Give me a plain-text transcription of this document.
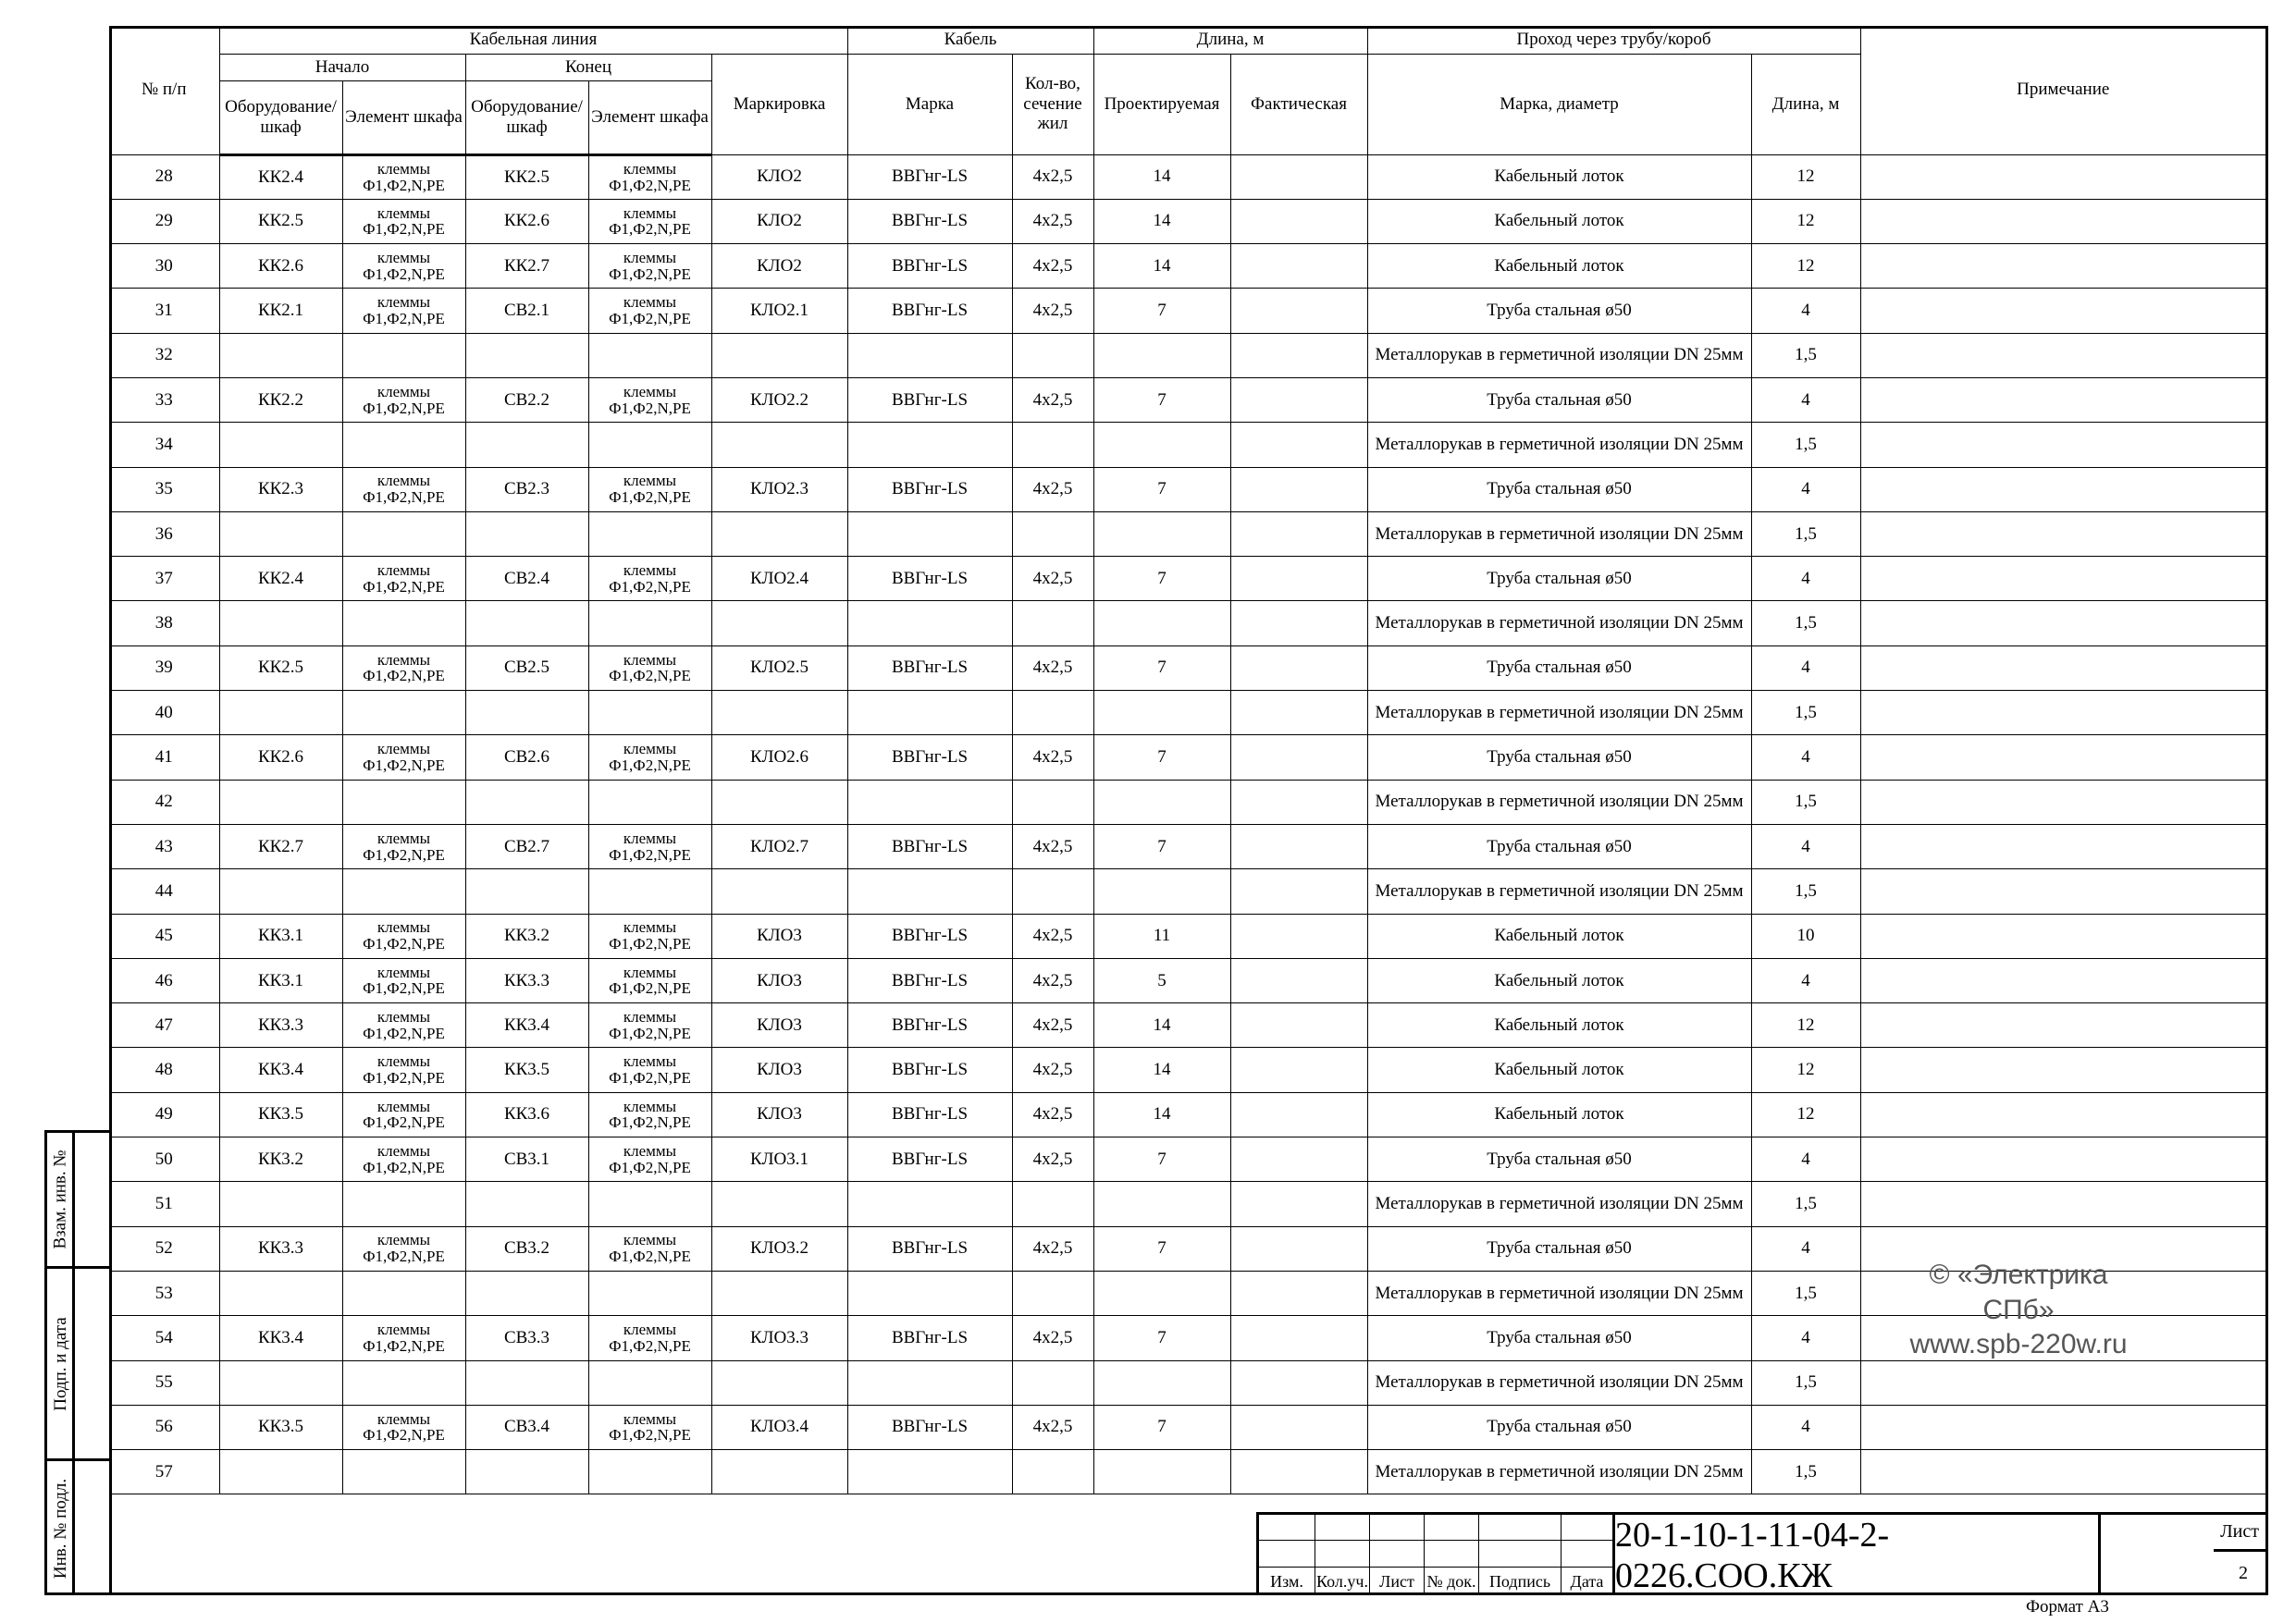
№ п/п	Кабельная линия					Кабель		Длина, м		Проход через трубу/короб		Примечание
	Начало		Конец		Маркировка	Марка	Кол-во, сечение жил	Проектируемая	Фактическая	Марка, диаметр	Длина, м	
	Оборудование/шкаф	Элемент шкафа	Оборудование/шкаф	Элемент шкафа								
28	КК2.4	клеммы Ф1,Ф2,N,PE	КК2.5	клеммы Ф1,Ф2,N,PE	КЛО2	ВВГнг-LS	4х2,5	14		Кабельный лоток	12	
29	КК2.5	клеммы Ф1,Ф2,N,PE	КК2.6	клеммы Ф1,Ф2,N,PE	КЛО2	ВВГнг-LS	4х2,5	14		Кабельный лоток	12	
30	КК2.6	клеммы Ф1,Ф2,N,PE	КК2.7	клеммы Ф1,Ф2,N,PE	КЛО2	ВВГнг-LS	4х2,5	14		Кабельный лоток	12	
31	КК2.1	клеммы Ф1,Ф2,N,PE	СВ2.1	клеммы Ф1,Ф2,N,PE	КЛО2.1	ВВГнг-LS	4х2,5	7		Труба стальная ø50	4	
32										Металлорукав в герметичной изоляции DN 25мм	1,5	
33	КК2.2	клеммы Ф1,Ф2,N,PE	СВ2.2	клеммы Ф1,Ф2,N,PE	КЛО2.2	ВВГнг-LS	4х2,5	7		Труба стальная ø50	4	
34										Металлорукав в герметичной изоляции DN 25мм	1,5	
35	КК2.3	клеммы Ф1,Ф2,N,PE	СВ2.3	клеммы Ф1,Ф2,N,PE	КЛО2.3	ВВГнг-LS	4х2,5	7		Труба стальная ø50	4	
36										Металлорукав в герметичной изоляции DN 25мм	1,5	
37	КК2.4	клеммы Ф1,Ф2,N,PE	СВ2.4	клеммы Ф1,Ф2,N,PE	КЛО2.4	ВВГнг-LS	4х2,5	7		Труба стальная ø50	4	
38										Металлорукав в герметичной изоляции DN 25мм	1,5	
39	КК2.5	клеммы Ф1,Ф2,N,PE	СВ2.5	клеммы Ф1,Ф2,N,PE	КЛО2.5	ВВГнг-LS	4х2,5	7		Труба стальная ø50	4	
40										Металлорукав в герметичной изоляции DN 25мм	1,5	
41	КК2.6	клеммы Ф1,Ф2,N,PE	СВ2.6	клеммы Ф1,Ф2,N,PE	КЛО2.6	ВВГнг-LS	4х2,5	7		Труба стальная ø50	4	
42										Металлорукав в герметичной изоляции DN 25мм	1,5	
43	КК2.7	клеммы Ф1,Ф2,N,PE	СВ2.7	клеммы Ф1,Ф2,N,PE	КЛО2.7	ВВГнг-LS	4х2,5	7		Труба стальная ø50	4	
44										Металлорукав в герметичной изоляции DN 25мм	1,5	
45	КК3.1	клеммы Ф1,Ф2,N,PE	КК3.2	клеммы Ф1,Ф2,N,PE	КЛО3	ВВГнг-LS	4х2,5	11		Кабельный лоток	10	
46	КК3.1	клеммы Ф1,Ф2,N,PE	КК3.3	клеммы Ф1,Ф2,N,PE	КЛО3	ВВГнг-LS	4х2,5	5		Кабельный лоток	4	
47	КК3.3	клеммы Ф1,Ф2,N,PE	КК3.4	клеммы Ф1,Ф2,N,PE	КЛО3	ВВГнг-LS	4х2,5	14		Кабельный лоток	12	
48	КК3.4	клеммы Ф1,Ф2,N,PE	КК3.5	клеммы Ф1,Ф2,N,PE	КЛО3	ВВГнг-LS	4х2,5	14		Кабельный лоток	12	
49	КК3.5	клеммы Ф1,Ф2,N,PE	КК3.6	клеммы Ф1,Ф2,N,PE	КЛО3	ВВГнг-LS	4х2,5	14		Кабельный лоток	12	
50	КК3.2	клеммы Ф1,Ф2,N,PE	СВ3.1	клеммы Ф1,Ф2,N,PE	КЛО3.1	ВВГнг-LS	4х2,5	7		Труба стальная ø50	4	
51										Металлорукав в герметичной изоляции DN 25мм	1,5	
52	КК3.3	клеммы Ф1,Ф2,N,PE	СВ3.2	клеммы Ф1,Ф2,N,PE	КЛО3.2	ВВГнг-LS	4х2,5	7		Труба стальная ø50	4	
53										Металлорукав в герметичной изоляции DN 25мм	1,5	
54	КК3.4	клеммы Ф1,Ф2,N,PE	СВ3.3	клеммы Ф1,Ф2,N,PE	КЛО3.3	ВВГнг-LS	4х2,5	7		Труба стальная ø50	4	
55										Металлорукав в герметичной изоляции DN 25мм	1,5	
56	КК3.5	клеммы Ф1,Ф2,N,PE	СВ3.4	клеммы Ф1,Ф2,N,PE	КЛО3.4	ВВГнг-LS	4х2,5	7		Труба стальная ø50	4	
57										Металлорукав в герметичной изоляции DN 25мм	1,5	
Взам. инв. №
Подп. и дата
Инв. № подл.
Изм. Кол.уч. Лист № док. Подпись	Дата
20-1-10-1-11-04-2-0226.СОО.КЖ
Лист
2
Формат А3
© «Электрика СПб»
www.spb-220w.ru
